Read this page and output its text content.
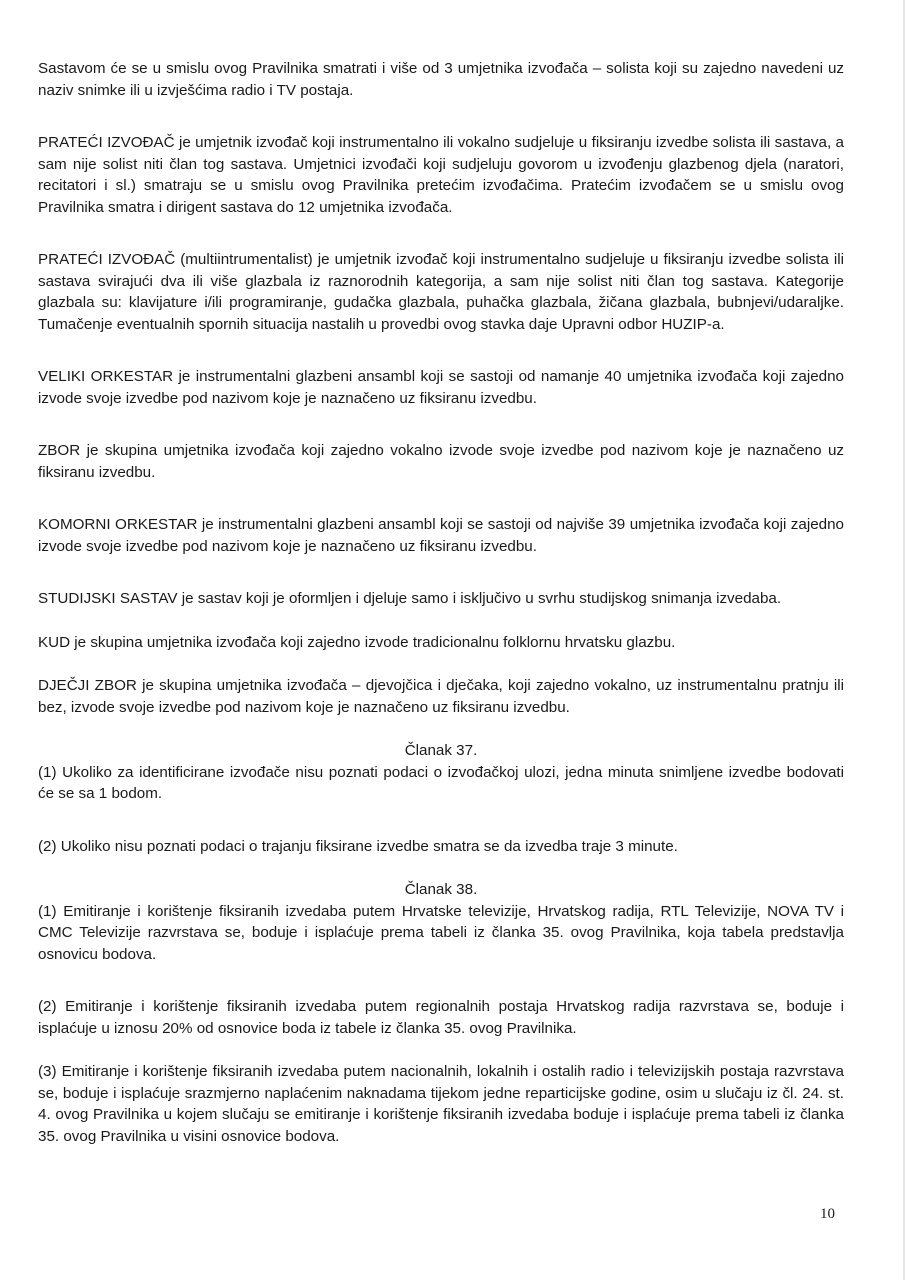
Sastavom će se u smislu ovog Pravilnika smatrati i više od 3 umjetnika izvođača – solista koji su zajedno navedeni uz naziv snimke ili u izvješćima radio i TV postaja.

PRATEĆI IZVOĐAČ je umjetnik izvođač koji instrumentalno ili vokalno sudjeluje u fiksiranju izvedbe solista ili sastava, a sam nije solist niti član tog sastava. Umjetnici izvođači koji sudjeluju govorom u izvođenju glazbenog djela (naratori, recitatori i sl.) smatraju se u smislu ovog Pravilnika pretećim izvođačima. Pratećim izvođačem se u smislu ovog Pravilnika smatra i dirigent sastava do 12 umjetnika izvođača.

PRATEĆI IZVOĐAČ (multiintrumentalist) je umjetnik izvođač koji instrumentalno sudjeluje u fiksiranju izvedbe solista ili sastava svirajući dva ili više glazbala iz raznorodnih kategorija, a sam nije solist niti član tog sastava. Kategorije glazbala su: klavijature i/ili programiranje, gudačka glazbala, puhačka glazbala, žičana glazbala, bubnjevi/udaraljke. Tumačenje eventualnih spornih situacija nastalih u provedbi ovog stavka daje Upravni odbor HUZIP-a.

VELIKI ORKESTAR je instrumentalni glazbeni ansambl koji se sastoji od namanje 40 umjetnika izvođača koji zajedno izvode svoje izvedbe pod nazivom koje je naznačeno uz fiksiranu izvedbu.

ZBOR je skupina umjetnika izvođača koji zajedno vokalno izvode svoje izvedbe pod nazivom koje je naznačeno uz fiksiranu izvedbu.

KOMORNI ORKESTAR je instrumentalni glazbeni ansambl koji se sastoji od najviše 39 umjetnika izvođača koji zajedno izvode svoje izvedbe pod nazivom koje je naznačeno uz fiksiranu izvedbu.

STUDIJSKI SASTAV je sastav koji je oformljen i djeluje samo i isključivo u svrhu studijskog snimanja izvedaba.

KUD je skupina umjetnika izvođača koji zajedno izvode tradicionalnu folklornu hrvatsku glazbu.

DJEČJI ZBOR je skupina umjetnika izvođača – djevojčica i dječaka, koji zajedno vokalno, uz instrumentalnu pratnju ili bez, izvode svoje izvedbe pod nazivom koje je naznačeno uz fiksiranu izvedbu.

Članak 37.

(1) Ukoliko za identificirane izvođače nisu poznati podaci o izvođačkoj ulozi, jedna minuta snimljene izvedbe bodovati će se sa 1 bodom.

(2) Ukoliko nisu poznati podaci o trajanju fiksirane izvedbe smatra se da izvedba traje 3 minute.

Članak 38.

(1) Emitiranje i korištenje fiksiranih izvedaba putem Hrvatske televizije, Hrvatskog radija, RTL Televizije, NOVA TV i CMC Televizije razvrstava se, boduje i isplaćuje prema tabeli iz članka 35. ovog Pravilnika, koja tabela predstavlja osnovicu bodova.

(2) Emitiranje i korištenje fiksiranih izvedaba putem regionalnih postaja Hrvatskog radija razvrstava se, boduje i isplaćuje u iznosu 20% od osnovice boda iz tabele iz članka 35. ovog Pravilnika.

(3) Emitiranje i korištenje fiksiranih izvedaba putem nacionalnih, lokalnih i ostalih radio i televizijskih postaja razvrstava se, boduje i isplaćuje srazmjerno naplaćenim naknadama tijekom jedne reparticijske godine, osim u slučaju iz čl. 24. st. 4. ovog Pravilnika u kojem slučaju se emitiranje i korištenje fiksiranih izvedaba boduje i isplaćuje prema tabeli iz članka 35. ovog Pravilnika u visini osnovice bodova.

10
